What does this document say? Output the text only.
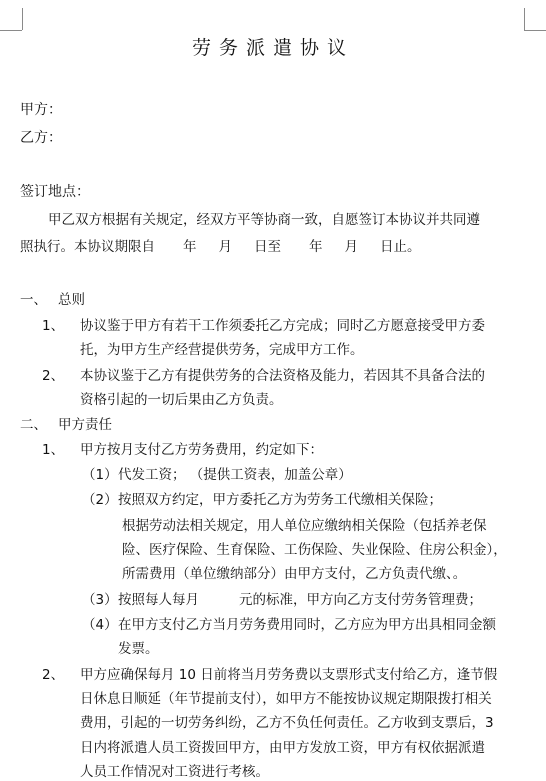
劳务派遣协议
甲方：
乙方：
签订地点：
甲乙双方根据有关规定，经双方平等协商一致，自愿签订本协议并共同遵
照执行。本协议期限自 年 月 日至 年 月 日止。
一、 总则
1、 协议鉴于甲方有若干工作须委托乙方完成；同时乙方愿意接受甲方委
托，为甲方生产经营提供劳务，完成甲方工作。
2、 本协议鉴于乙方有提供劳务的合法资格及能力，若因其不具备合法的
资格引起的一切后果由乙方负责。
二、 甲方责任
1、 甲方按月支付乙方劳务费用，约定如下：
（1） 代发工资； （提供工资表，加盖公章）
（2） 按照双方约定，甲方委托乙方为劳务工代缴相关保险；
根据劳动法相关规定，用人单位应缴纳相关保险（包括养老保
险、医疗保险、生育保险、工伤保险、失业保险、住房公积金），
所需费用（单位缴纳部分）由甲方支付，乙方负责代缴、。
（3） 按照每人每月	元的标准，甲方向乙方支付劳务管理费；
（4） 在甲方支付乙方当月劳务费用同时，乙方应为甲方出具相同金额
发票。
2、 甲方应确保每月 10 日前将当月劳务费以支票形式支付给乙方，逢节假
日休息日顺延（年节提前支付），如甲方不能按协议规定期限拨打相关
费用，引起的一切劳务纠纷，乙方不负任何责任。乙方收到支票后，3
日内将派遣人员工资拨回甲方，由甲方发放工资，甲方有权依据派遣
人员工作情况对工资进行考核。
